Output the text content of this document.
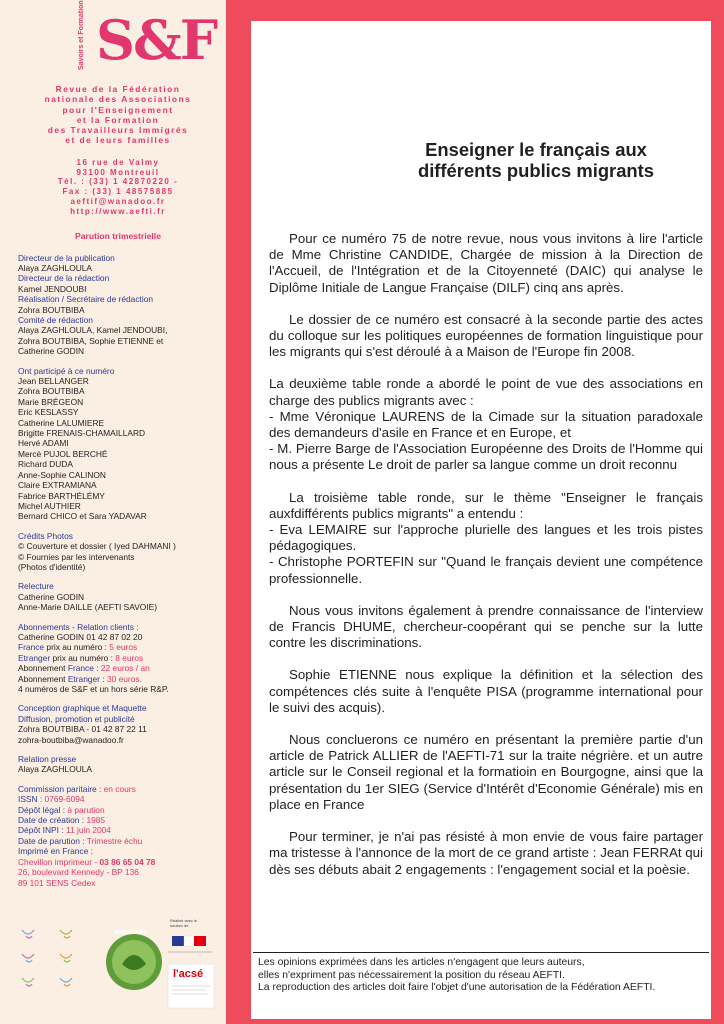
Savoirs et Formation S&F
Revue de la Fédération
nationale des Associations
pour l'Enseignement
et la Formation
des Travailleurs Immigrés
et de leurs familles
16 rue de Valmy
93100 Montreuil
Tél. : (33) 1 42870220 -
Fax : (33) 1 48575885
aeftif@wanadoo.fr
http://www.aefti.fr
Parution trimestrielle
Directeur de la publication
Alaya ZAGHLOULA
Directeur de la rédaction
Kamel JENDOUBI
Réalisation / Secrétaire de rédaction
Zohra BOUTBIBA
Comité de rédaction
Alaya ZAGHLOULA, Kamel JENDOUBI,
Zohra BOUTBIBA, Sophie ETIENNE et
Catherine GODIN
Ont participé à ce numéro
Jean BELLANGER
Zohra BOUTBIBA
Marie BRÉGEON
Eric KESLASSY
Catherine LALUMIERE
Brigitte FRENAIS-CHAMAILLARD
Hervé ADAMI
Mercè PUJOL BERCHÉ
Richard DUDA
Anne-Sophie CALINON
Claire EXTRAMIANA
Fabrice BARTHÉLÉMY
Michel AUTHIER
Bernard CHICO et Sara YADAVAR
Crédits Photos
© Couverture et dossier ( Iyed DAHMANI )
© Fournies par les intervenants
(Photos d'identité)
Relecture
Catherine GODIN
Anne-Marie DAILLE (AEFTI SAVOIE)
Abonnements - Relation clients :
Catherine GODIN 01 42 87 02 20
France prix au numéro : 5 euros
Etranger prix au numéro : 8 euros
Abonnement France : 22 euros / an
Abonnement Etranger : 30 euros.
4 numéros de S&F et un hors série R&P.
Conception graphique et Maquette
Diffusion, promotion et publicité
Zohra BOUTBIBA - 01 42 87 22 11
zohra-boutbiba@wanadoo.fr
Relation presse
Alaya ZAGHLOULA
Commission paritaire : en cours
ISSN : 0769-6094
Dépôt légal : à parution
Date de création : 1985
Dépôt INPI : 11 juin 2004
Date de parution : Trimestre échu
Imprimé en France :
Chevillon imprimeur - 03 86 65 04 78
26, boulevard Kennedy - BP 136
89 101 SENS Cedex
Réalisé avec le soutien de
l'acsé
IMPRIM'VERT
Enseigner le français aux
différents publics migrants

Pour ce numéro 75 de notre revue, nous vous invitons à lire l'article de Mme Christine CANDIDE, Chargée de mission à la Direction de l'Accueil, de l'Intégration et de la Citoyenneté (DAIC) qui analyse le Diplôme Initiale de Langue Française (DILF) cinq ans après.

Le dossier de ce numéro est consacré à la seconde partie des actes du colloque sur les politiques européennes de formation linguistique pour les migrants qui s'est déroulé à a Maison de l'Europe fin 2008.

La deuxième table ronde a abordé le point de vue des associations en charge des publics migrants avec :

- Mme Véronique LAURENS de la Cimade sur la situation paradoxale des demandeurs d'asile en France et en Europe, et

- M. Pierre Barge de l'Association Européenne des Droits de l'Homme qui nous a présente Le droit de parler sa langue comme un droit reconnu

La troisième table ronde, sur le thème "Enseigner le français auxfdifférents publics migrants" a entendu :

- Eva LEMAIRE sur l'approche plurielle des langues et les trois pistes pédagogiques.

- Christophe PORTEFIN sur "Quand le français devient une compétence professionnelle.

Nous vous invitons également à prendre connaissance de l'interview de Francis DHUME, chercheur-coopérant qui se penche sur la lutte contre les discriminations.

Sophie ETIENNE nous explique la définition et la sélection des compétences clés suite à l'enquête PISA (programme international pour le suivi des acquis).

Nous concluerons ce numéro en présentant la première partie d'un article de Patrick ALLIER de l'AEFTI-71 sur la traite négrière. et un autre article sur le Conseil regional et la formatioin en Bourgogne, ainsi que la présentation du 1er SIEG (Service d'Intérêt d'Economie Générale) mis en place en France

Pour terminer, je n'ai pas résisté à mon envie de vous faire partager ma tristesse à l'annonce de la mort de ce grand artiste : Jean FERRAt qui dès ses débuts abait 2 engagements : l'engagement social et la poèsie.

Les opinions exprimées dans les articles n'engagent que leurs auteurs,
elles n'expriment pas nécessairement la position du réseau AEFTI.
La reproduction des articles doit faire l'objet d'une autorisation de la Fédération AEFTI.
